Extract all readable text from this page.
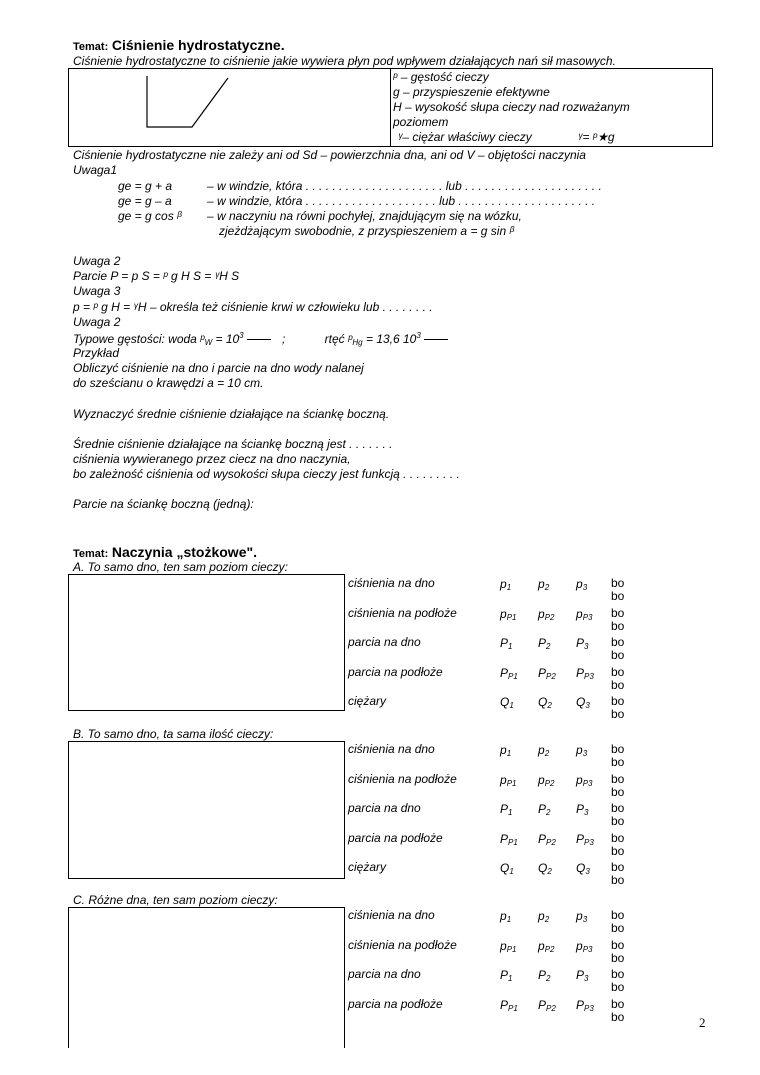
Temat: Ciśnienie hydrostatyczne.
Ciśnienie hydrostatyczne to ciśnienie jakie wywiera płyn pod wpływem działających nań sił masowych.
ᵖ – gęstość cieczy
g – przyspieszenie efektywne
H – wysokość słupa cieczy nad rozważanym
poziomem
ᵞ– ciężar właściwy cieczy	ᵞ= ᵖ★g
Ciśnienie hydrostatyczne nie zależy ani od Sd – powierzchnia dna, ani od V – objętości naczynia
Uwaga1
ge = g + a	– w windzie, która . . . . . . . . . . . . . . . . . . . . . lub . . . . . . . . . . . . . . . . . . . . .
ge = g – a	– w windzie, która . . . . . . . . . . . . . . . . . . . . lub . . . . . . . . . . . . . . . . . . . . .
ge = g cos ᵝ – w naczyniu na równi pochyłej, znajdującym się na wózku,
zjeżdżającym swobodnie, z przyspieszeniem a = g sin ᵝ
Uwaga 2
Parcie P = p S = ᵖ g H S = ᵞH S
Uwaga 3
p = ᵖ g H = ᵞH – określa też ciśnienie krwi w człowieku lub . . . . . . . .
Uwaga 2
Typowe gęstości: woda ᵖ$_W$ = $10^3$	;	rtęć ᵖ$_{Hg}$ = 13,6 $10^3$
Przykład
Obliczyć ciśnienie na dno i parcie na dno wody nalanej
do sześcianu o krawędzi a = 10 cm.
Wyznaczyć średnie ciśnienie działające na ściankę boczną.
Średnie ciśnienie działające na ściankę boczną jest . . . . . . .
ciśnienia wywieranego przez ciecz na dno naczynia,
bo zależność ciśnienia od wysokości słupa cieczy jest funkcją . . . . . . . . .
Parcie na ściankę boczną (jedną):
Temat: Naczynia „stożkowe".
A. To samo dno, ten sam poziom cieczy:
B. To samo dno, ta sama ilość cieczy:
C. Różne dna, ten sam poziom cieczy:
ciśnienia na dno	$p_1$ $p_2$ $p_3$ bo
bo
ciśnienia na podłoże	$p_{P1}$ $p_{P2}$ $p_{P3}$ bo
bo
parcia na dno	$P_1$ $P_2$ $P_3$ bo
bo
parcia na podłoże	$P_{P1}$ $P_{P2}$ $P_{P3}$ bo
bo
ciężary	$Q_1$ $Q_2$ $Q_3$ bo
bo
ciśnienia na dno	$p_1$ $p_2$ $p_3$ bo
bo
ciśnienia na podłoże	$p_{P1}$ $p_{P2}$ $p_{P3}$ bo
bo
parcia na dno	$P_1$ $P_2$ $P_3$ bo
bo
parcia na podłoże	$P_{P1}$ $P_{P2}$ $P_{P3}$ bo
bo
ciężary	$Q_1$ $Q_2$ $Q_3$ bo
bo
ciśnienia na dno	$p_1$ $p_2$ $p_3$ bo
bo
ciśnienia na podłoże	$p_{P1}$ $p_{P2}$ $p_{P3}$ bo
bo
parcia na dno	$P_1$ $P_2$ $P_3$ bo
bo
parcia na podłoże	$P_{P1}$ $P_{P2}$ $P_{P3}$ bo
bo	2
